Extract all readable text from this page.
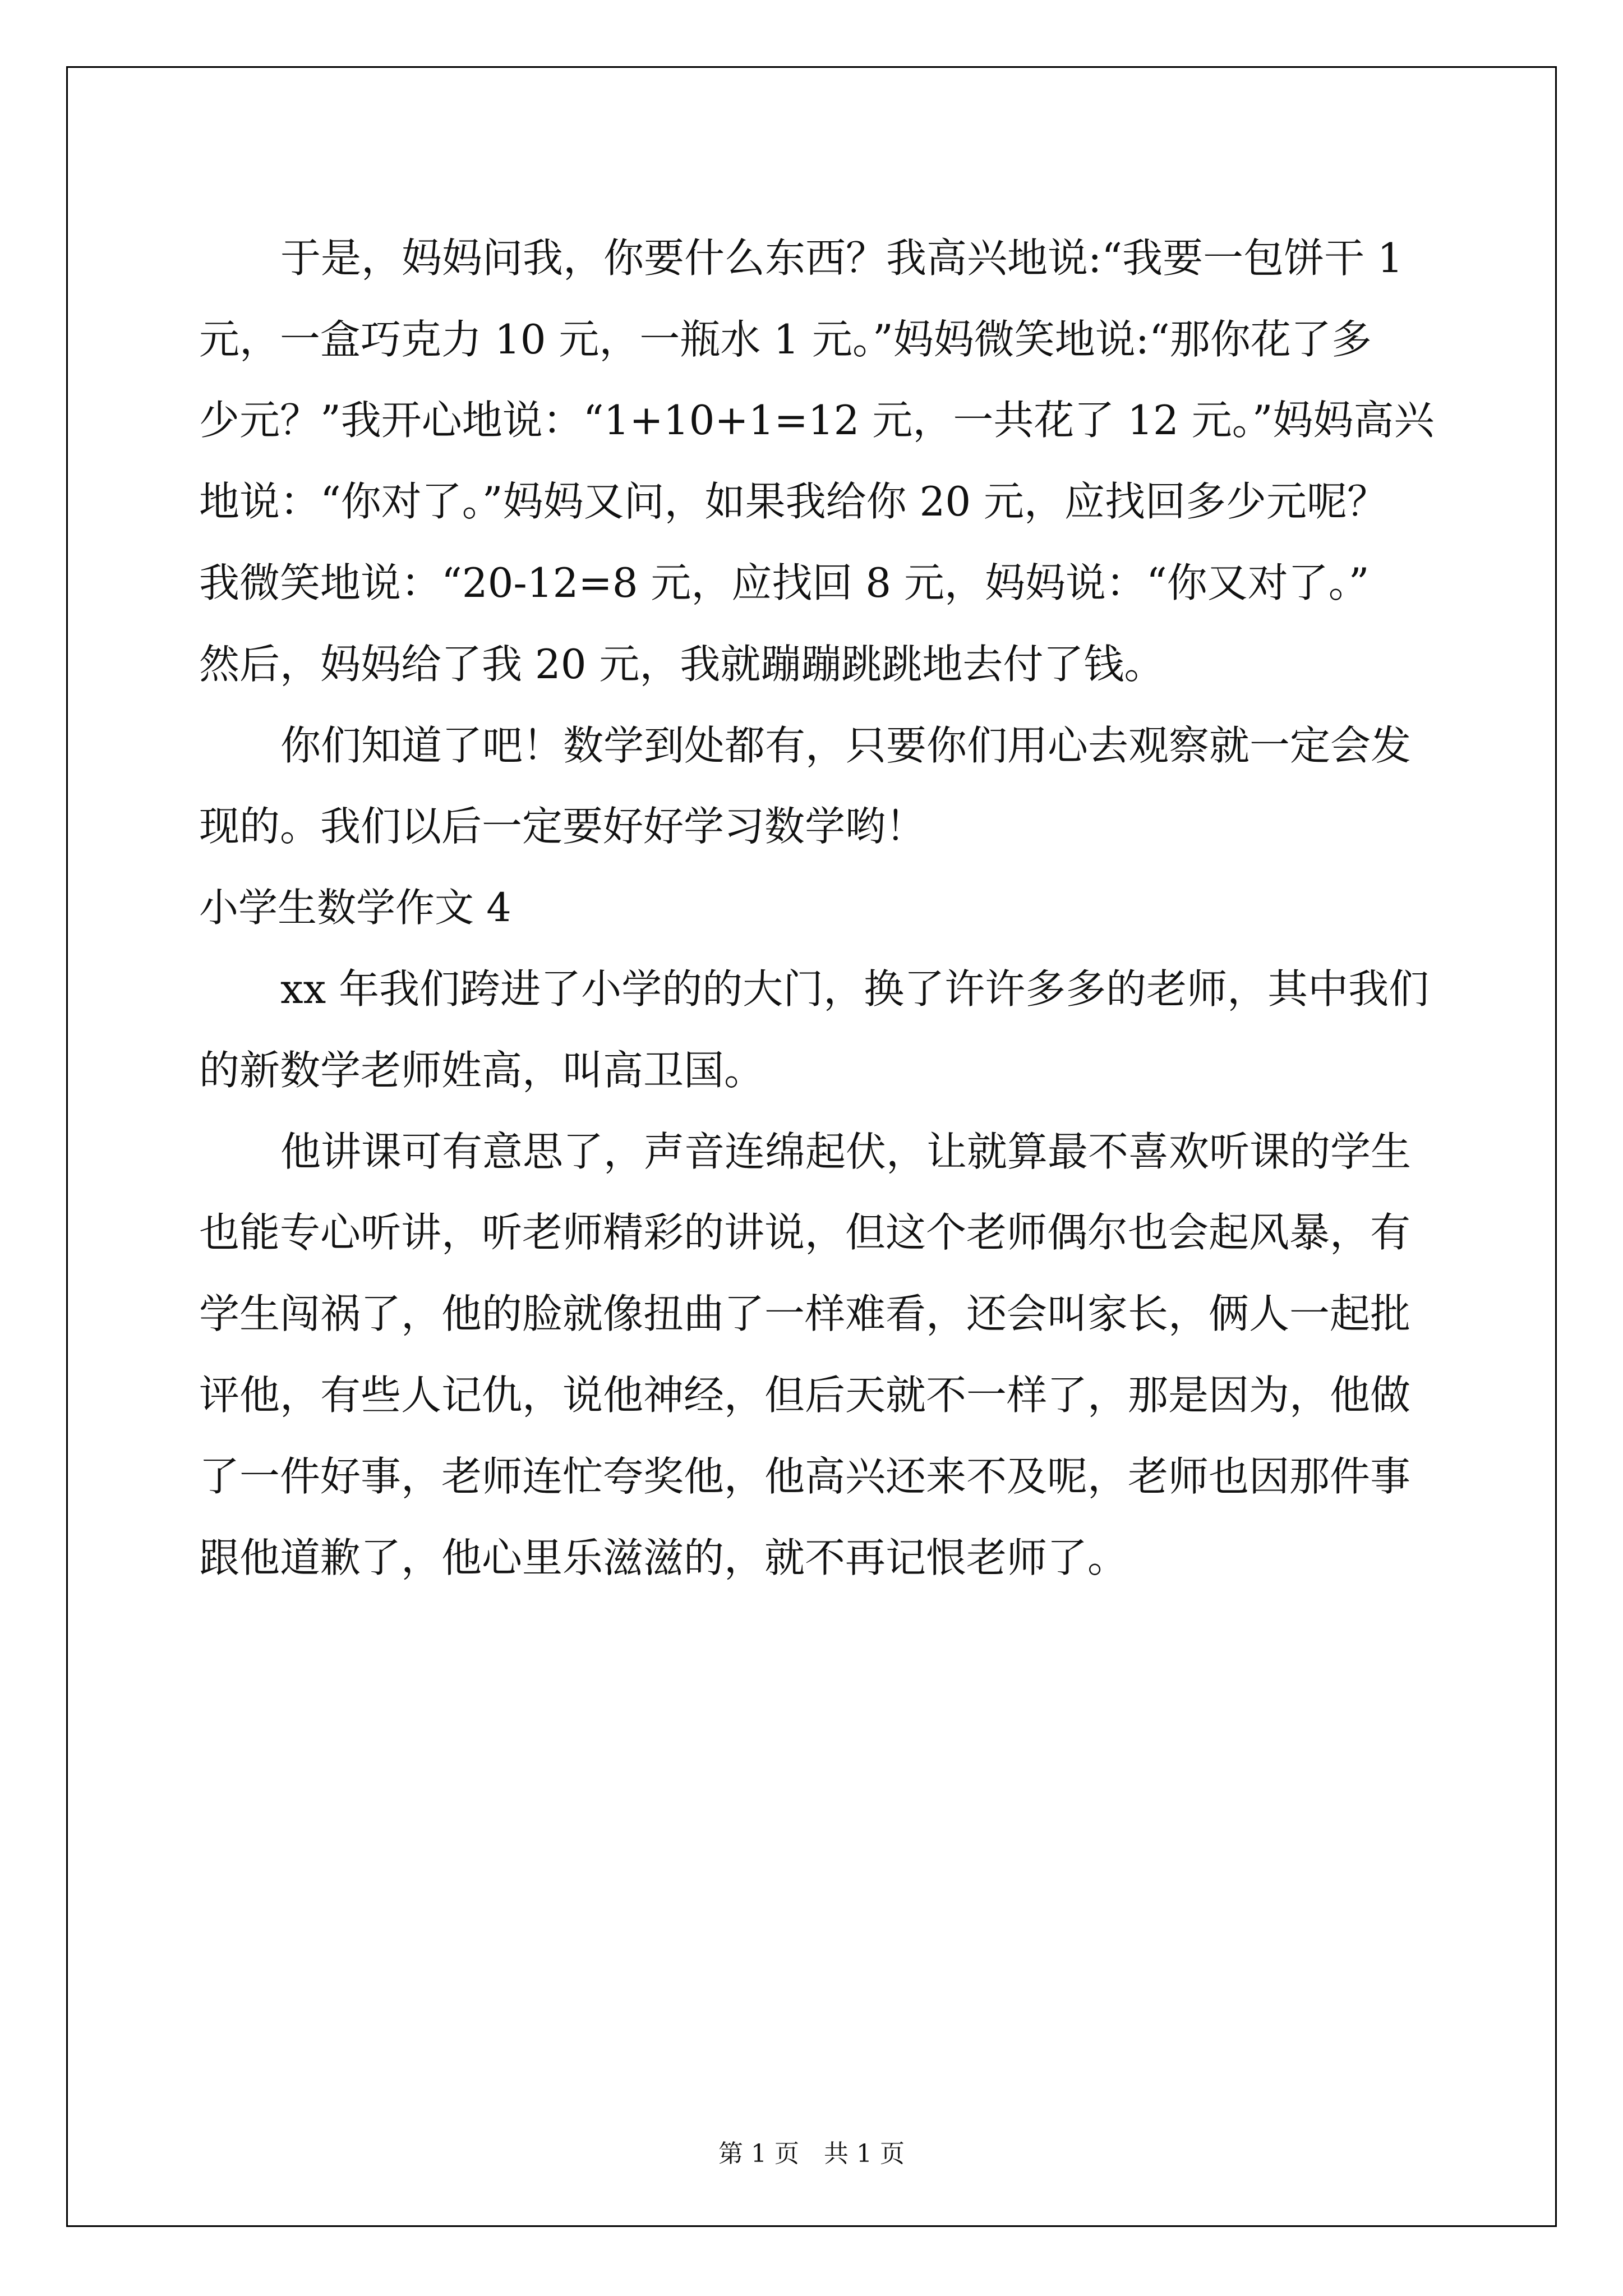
于是，妈妈问我，你要什么东西？我高兴地说:“我要一包饼干 1
元，一盒巧克力 10 元，一瓶水 1 元。”妈妈微笑地说:“那你花了多
少元？”我开心地说：“1+10+1=12 元，一共花了 12 元。”妈妈高兴
地说：“你对了。”妈妈又问，如果我给你 20 元，应找回多少元呢？
我微笑地说：“20-12=8 元，应找回 8 元，妈妈说：“你又对了。”
然后，妈妈给了我 20 元，我就蹦蹦跳跳地去付了钱。
你们知道了吧！数学到处都有，只要你们用心去观察就一定会发
现的。我们以后一定要好好学习数学哟！
小学生数学作文 4
xx 年我们跨进了小学的的大门，换了许许多多的老师，其中我们
的新数学老师姓高，叫高卫国。
他讲课可有意思了，声音连绵起伏，让就算最不喜欢听课的学生
也能专心听讲，听老师精彩的讲说，但这个老师偶尔也会起风暴，有
学生闯祸了，他的脸就像扭曲了一样难看，还会叫家长，俩人一起批
评他，有些人记仇，说他神经，但后天就不一样了，那是因为，他做
了一件好事，老师连忙夸奖他，他高兴还来不及呢，老师也因那件事
跟他道歉了，他心里乐滋滋的，就不再记恨老师了。
第 1 页　共 1 页
